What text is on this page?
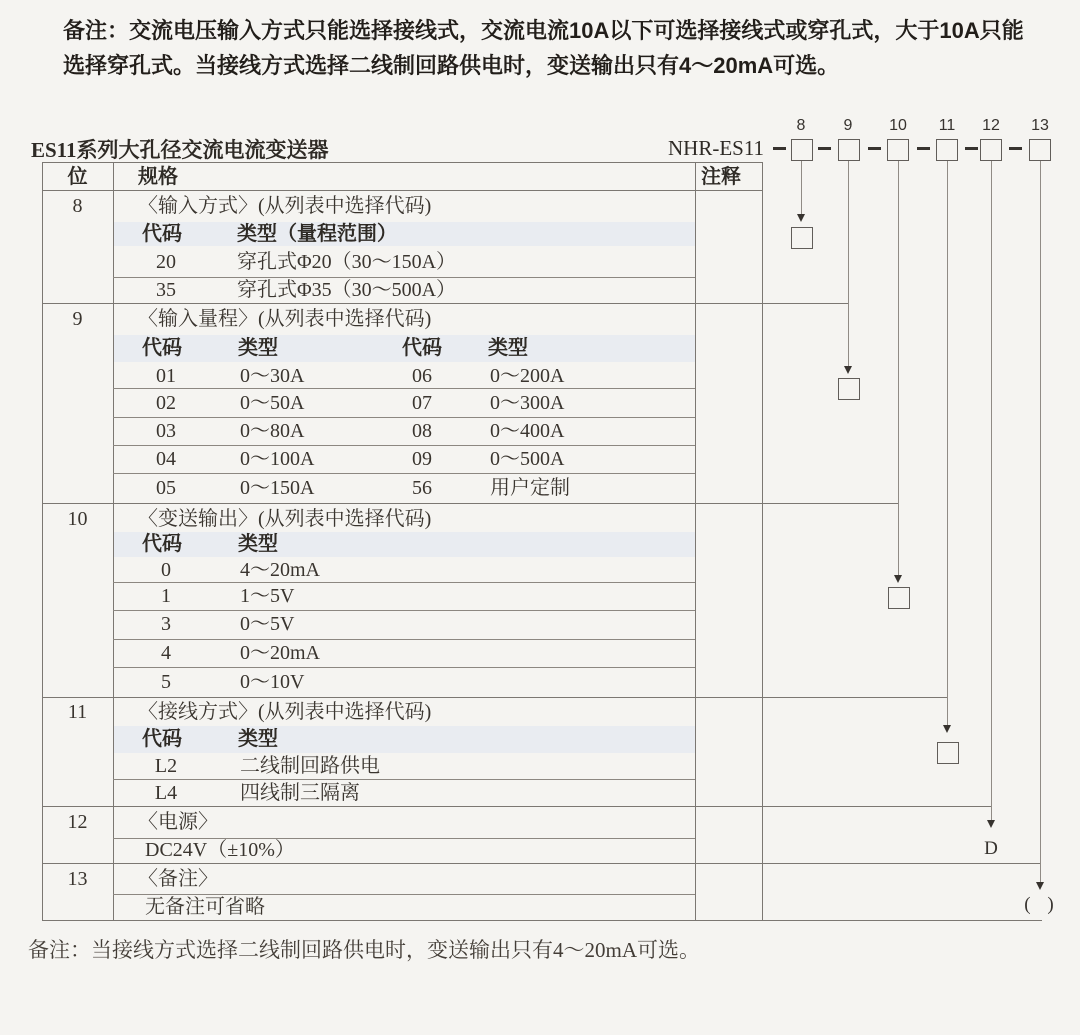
备注：交流电压输入方式只能选择接线式，交流电流10A以下可选择接线式或穿孔式，大于10A只能选择穿孔式。当接线方式选择二线制回路供电时，变送输出只有4～20mA可选。
ES11系列大孔径交流电流变送器	NHR-ES11
位	规格	注释
8	〈输入方式〉(从列表中选择代码)
代码	类型（量程范围）
20	穿孔式Φ20（30～150A）
35	穿孔式Φ35（30～500A）
9	〈输入量程〉(从列表中选择代码)
代码	类型	代码 类型
01	0～30A	06	0～200A
02	0～50A	07	0～300A
03	0～80A	08	0～400A
04	0～100A	09	0～500A
05	0～150A	56	用户定制
10	〈变送输出〉(从列表中选择代码)
代码	类型
0	4～20mA
1	1～5V
3	0～5V
4	0～20mA
5	0～10V
11	〈接线方式〉(从列表中选择代码)
代码	类型
L2	二线制回路供电
L4	四线制三隔离
12	〈电源〉
DC24V（±10%）
13	〈备注〉
无备注可省略
8	9	10 11 12 13
D
( )
备注：当接线方式选择二线制回路供电时，变送输出只有4～20mA可选。
